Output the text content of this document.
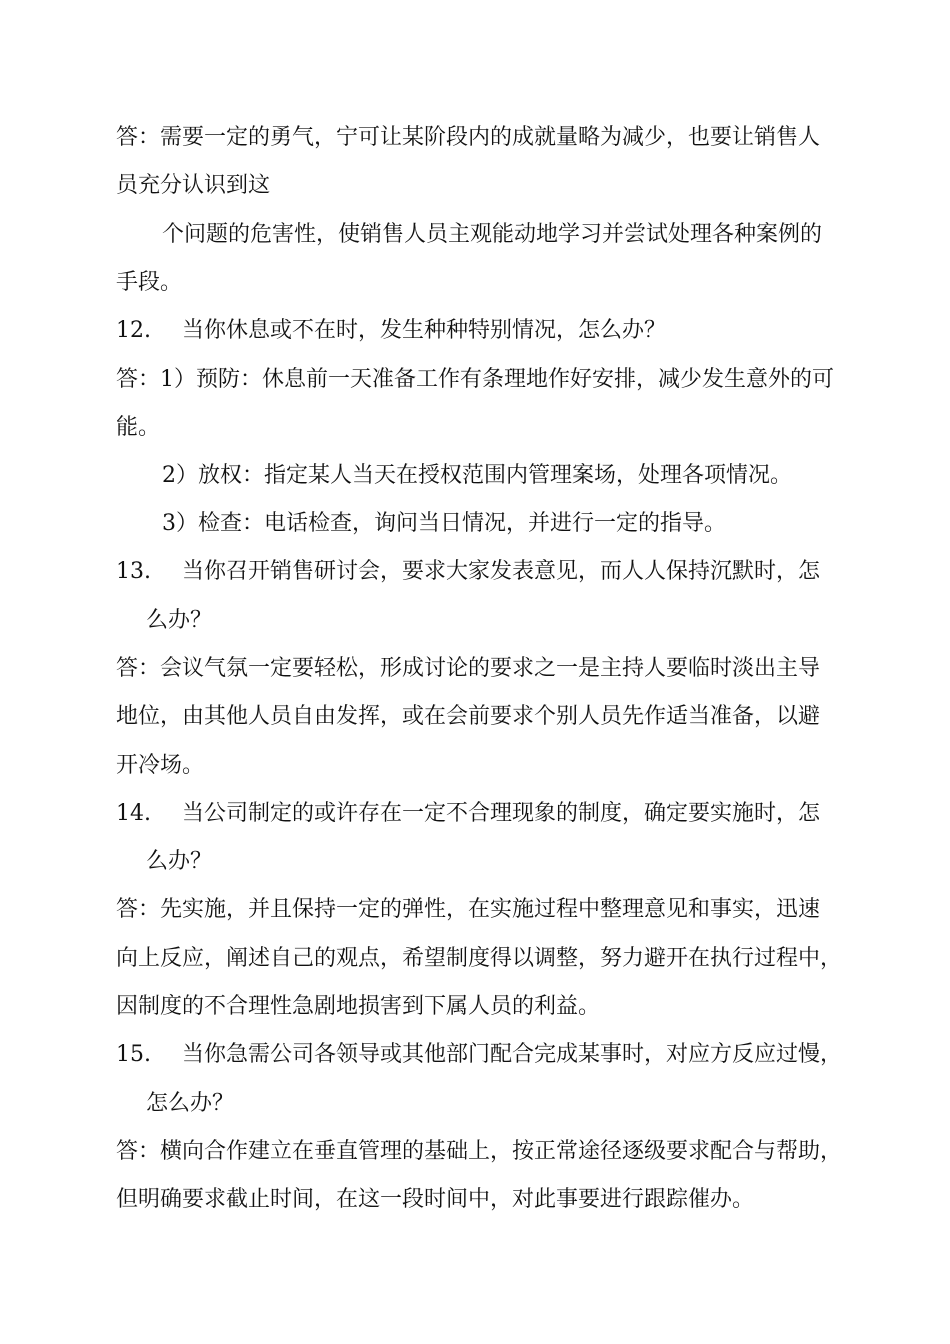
答：需要一定的勇气，宁可让某阶段内的成就量略为减少，也要让销售人
员充分认识到这
个问题的危害性，使销售人员主观能动地学习并尝试处理各种案例的
手段。
12. 当你休息或不在时，发生种种特别情况，怎么办？
答：1）预防：休息前一天准备工作有条理地作好安排，减少发生意外的可
能。
2）放权：指定某人当天在授权范围内管理案场，处理各项情况。
3）检查：电话检查，询问当日情况，并进行一定的指导。
13. 当你召开销售研讨会，要求大家发表意见，而人人保持沉默时，怎
么办？
答：会议气氛一定要轻松，形成讨论的要求之一是主持人要临时淡出主导
地位，由其他人员自由发挥，或在会前要求个别人员先作适当准备，以避
开冷场。
14. 当公司制定的或许存在一定不合理现象的制度，确定要实施时，怎
么办？
答：先实施，并且保持一定的弹性，在实施过程中整理意见和事实，迅速
向上反应，阐述自己的观点，希望制度得以调整，努力避开在执行过程中，
因制度的不合理性急剧地损害到下属人员的利益。
15. 当你急需公司各领导或其他部门配合完成某事时，对应方反应过慢，
怎么办？
答：横向合作建立在垂直管理的基础上，按正常途径逐级要求配合与帮助，
但明确要求截止时间，在这一段时间中，对此事要进行跟踪催办。
